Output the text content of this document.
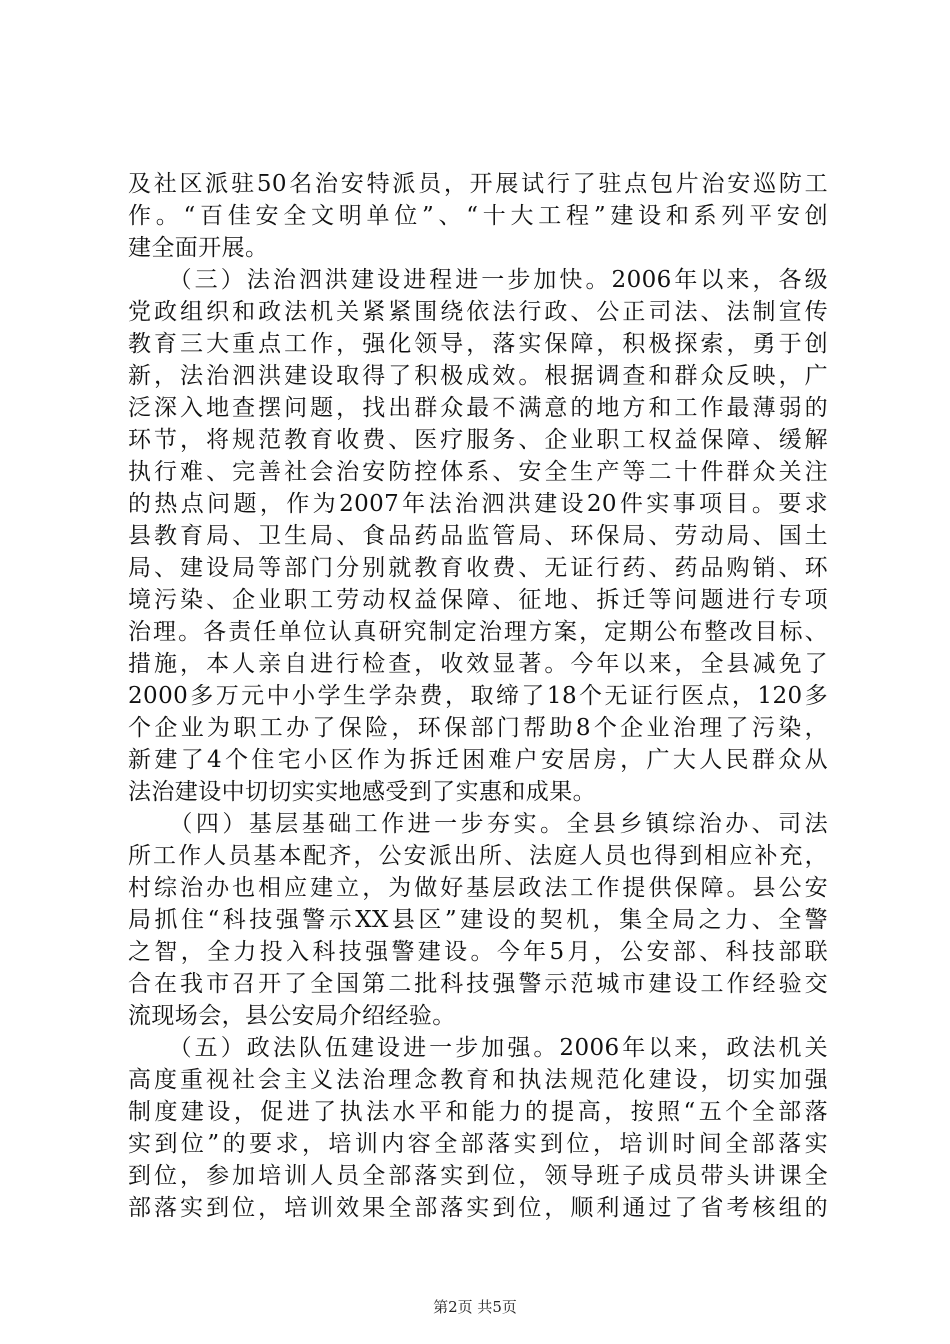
及社区派驻50名治安特派员，开展试行了驻点包片治安巡防工
作。“百佳安全文明单位”、“十大工程”建设和系列平安创
建全面开展。
　　（三）法治泗洪建设进程进一步加快。2006年以来，各级
党政组织和政法机关紧紧围绕依法行政、公正司法、法制宣传
教育三大重点工作，强化领导，落实保障，积极探索，勇于创
新，法治泗洪建设取得了积极成效。根据调查和群众反映，广
泛深入地查摆问题，找出群众最不满意的地方和工作最薄弱的
环节，将规范教育收费、医疗服务、企业职工权益保障、缓解
执行难、完善社会治安防控体系、安全生产等二十件群众关注
的热点问题，作为2007年法治泗洪建设20件实事项目。要求
县教育局、卫生局、食品药品监管局、环保局、劳动局、国土
局、建设局等部门分别就教育收费、无证行药、药品购销、环
境污染、企业职工劳动权益保障、征地、拆迁等问题进行专项
治理。各责任单位认真研究制定治理方案，定期公布整改目标、
措施，本人亲自进行检查，收效显著。今年以来，全县减免了
2000多万元中小学生学杂费，取缔了18个无证行医点，120多
个企业为职工办了保险，环保部门帮助8个企业治理了污染，
新建了4个住宅小区作为拆迁困难户安居房，广大人民群众从
法治建设中切切实实地感受到了实惠和成果。
　　（四）基层基础工作进一步夯实。全县乡镇综治办、司法
所工作人员基本配齐，公安派出所、法庭人员也得到相应补充，
村综治办也相应建立，为做好基层政法工作提供保障。县公安
局抓住“科技强警示XX县区”建设的契机，集全局之力、全警
之智，全力投入科技强警建设。今年5月，公安部、科技部联
合在我市召开了全国第二批科技强警示范城市建设工作经验交
流现场会，县公安局介绍经验。
　　（五）政法队伍建设进一步加强。2006年以来，政法机关
高度重视社会主义法治理念教育和执法规范化建设，切实加强
制度建设，促进了执法水平和能力的提高，按照“五个全部落
实到位”的要求，培训内容全部落实到位，培训时间全部落实
到位，参加培训人员全部落实到位，领导班子成员带头讲课全
部落实到位，培训效果全部落实到位，顺利通过了省考核组的
第2页 共5页
